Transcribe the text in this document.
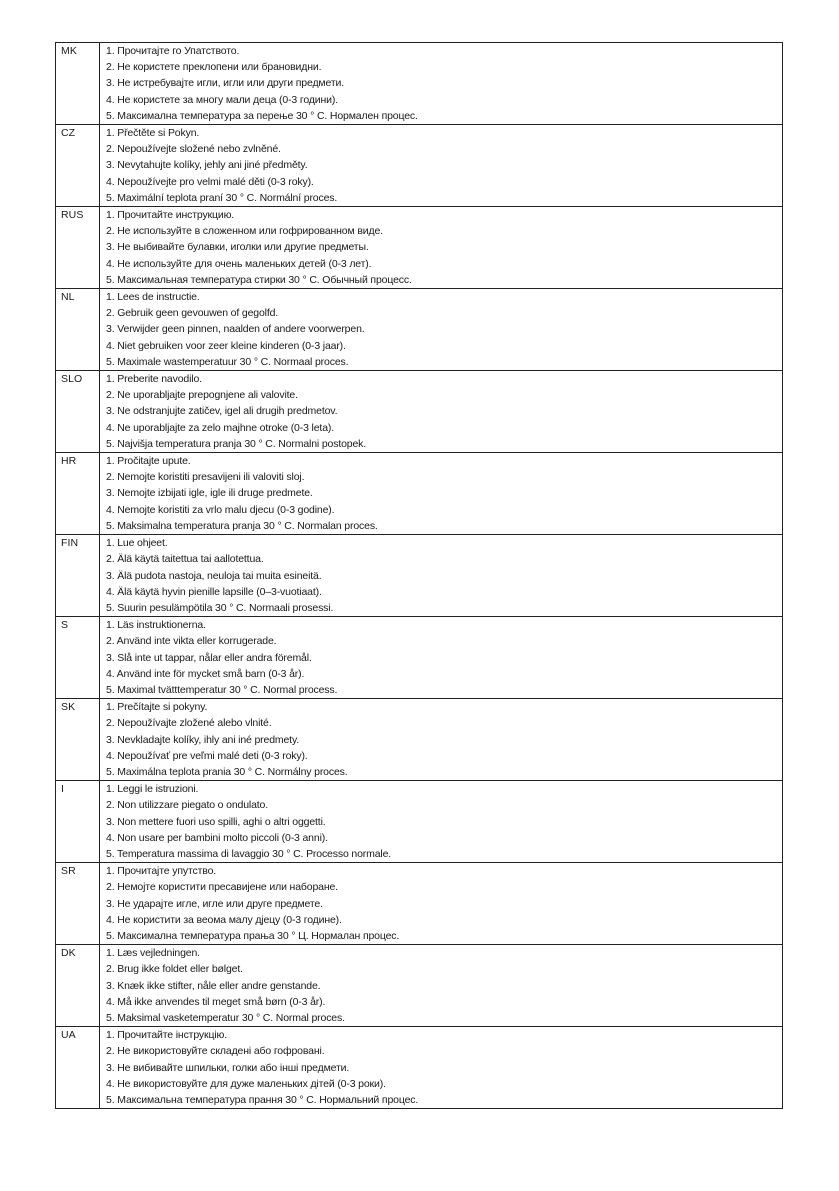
MK	1. Прочитајте го Упатството.
2. Не користете преклопени или брановидни.
3. Не истребувајте игли, игли или други предмети.
4. Не користете за многу мали деца (0-3 години).
5. Максимална температура за перење 30 ° С. Нормален процес.

CZ	1. Přečtěte si Pokyn.
2. Nepoužívejte složené nebo zvlněné.
3. Nevytahujte kolíky, jehly ani jiné předměty.
4. Nepoužívejte pro velmi malé děti (0-3 roky).
5. Maximální teplota praní 30 ° C. Normální proces.

RUS	1. Прочитайте инструкцию.
2. Не используйте в сложенном или гофрированном виде.
3. Не выбивайте булавки, иголки или другие предметы.
4. Не используйте для очень маленьких детей (0-3 лет).
5. Максимальная температура стирки 30 ° С. Обычный процесс.

NL	1. Lees de instructie.
2. Gebruik geen gevouwen of gegolfd.
3. Verwijder geen pinnen, naalden of andere voorwerpen.
4. Niet gebruiken voor zeer kleine kinderen (0-3 jaar).
5. Maximale wastemperatuur 30 ° C. Normaal proces.

SLO	1. Preberite navodilo.
2. Ne uporabljajte prepognjene ali valovite.
3. Ne odstranjujte zatičev, igel ali drugih predmetov.
4. Ne uporabljajte za zelo majhne otroke (0-3 leta).
5. Najvišja temperatura pranja 30 ° C. Normalni postopek.

HR	1. Pročitajte upute.
2. Nemojte koristiti presavijeni ili valoviti sloj.
3. Nemojte izbijati igle, igle ili druge predmete.
4. Nemojte koristiti za vrlo malu djecu (0-3 godine).
5. Maksimalna temperatura pranja 30 ° C. Normalan proces.

FIN	1. Lue ohjeet.
2. Älä käytä taitettua tai aallotettua.
3. Älä pudota nastoja, neuloja tai muita esineitä.
4. Älä käytä hyvin pienille lapsille (0–3-vuotiaat).
5. Suurin pesulämpötila 30 ° C. Normaali prosessi.

S	1. Läs instruktionerna.
2. Använd inte vikta eller korrugerade.
3. Slå inte ut tappar, nålar eller andra föremål.
4. Använd inte för mycket små barn (0-3 år).
5. Maximal tvätttemperatur 30 ° C. Normal process.

SK	1. Prečítajte si pokyny.
2. Nepoužívajte zložené alebo vlnité.
3. Nevkladajte kolíky, ihly ani iné predmety.
4. Nepoužívať pre veľmi malé deti (0-3 roky).
5. Maximálna teplota prania 30 ° C. Normálny proces.

I	1. Leggi le istruzioni.
2. Non utilizzare piegato o ondulato.
3. Non mettere fuori uso spilli, aghi o altri oggetti.
4. Non usare per bambini molto piccoli (0-3 anni).
5. Temperatura massima di lavaggio 30 ° C. Processo normale.

SR	1. Прочитајте упутство.
2. Немојте користити пресавијене или набоpане.
3. Не ударајте игле, игле или друге предмете.
4. Не користити за веома малу дјецу (0-3 године).
5. Максимална температура прања 30 ° Ц. Нормалан процес.

DK	1. Læs vejledningen.
2. Brug ikke foldet eller bølget.
3. Knæk ikke stifter, nåle eller andre genstande.
4. Må ikke anvendes til meget små børn (0-3 år).
5. Maksimal vasketemperatur 30 ° C. Normal proces.

UA	1. Прочитайте інструкцію.
2. Не використовуйте складені або гофровані.
3. Не вибивайте шпильки, голки або інші предмети.
4. Не використовуйте для дуже маленьких дітей (0-3 роки).
5. Максимальна температура прання 30 ° С. Нормальний процес.
